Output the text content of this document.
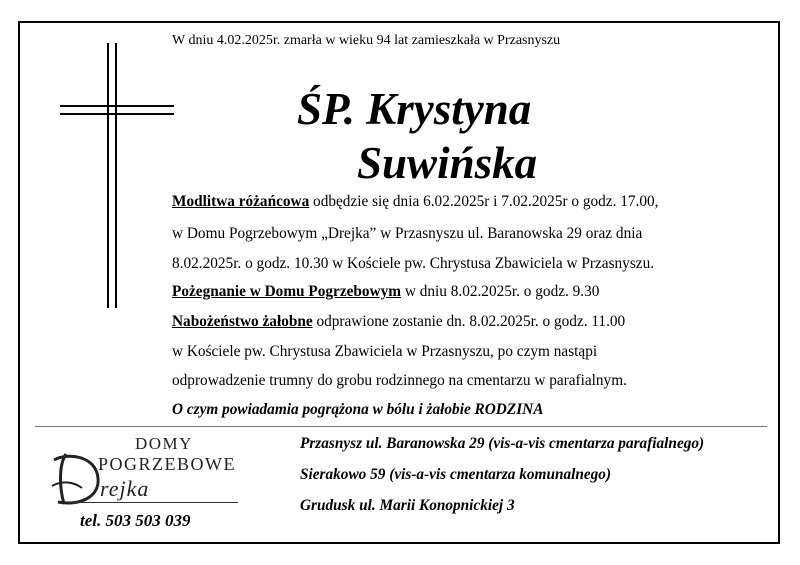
W dniu 4.02.2025r. zmarła w wieku 94 lat zamieszkała w Przasnyszu
ŚP. Krystyna
Suwińska
Modlitwa różańcowa odbędzie się dnia 6.02.2025r i 7.02.2025r o godz. 17.00,
w Domu Pogrzebowym „Drejka” w Przasnyszu ul. Baranowska 29 oraz dnia
8.02.2025r. o godz. 10.30 w Kościele pw. Chrystusa Zbawiciela w Przasnyszu.
Pożegnanie w Domu Pogrzebowym w dniu 8.02.2025r. o godz. 9.30
Nabożeństwo żałobne odprawione zostanie dn. 8.02.2025r. o godz. 11.00
w Kościele pw. Chrystusa Zbawiciela w Przasnyszu, po czym nastąpi
odprowadzenie trumny do grobu rodzinnego na cmentarzu w parafialnym.
O czym powiadamia pogrążona w bólu i żałobie RODZINA
DOMY
POGRZEBOWE
rejka
tel. 503 503 039
Przasnysz ul. Baranowska 29 (vis-a-vis cmentarza parafialnego)
Sierakowo 59 (vis-a-vis cmentarza komunalnego)
Grudusk ul. Marii Konopnickiej 3
